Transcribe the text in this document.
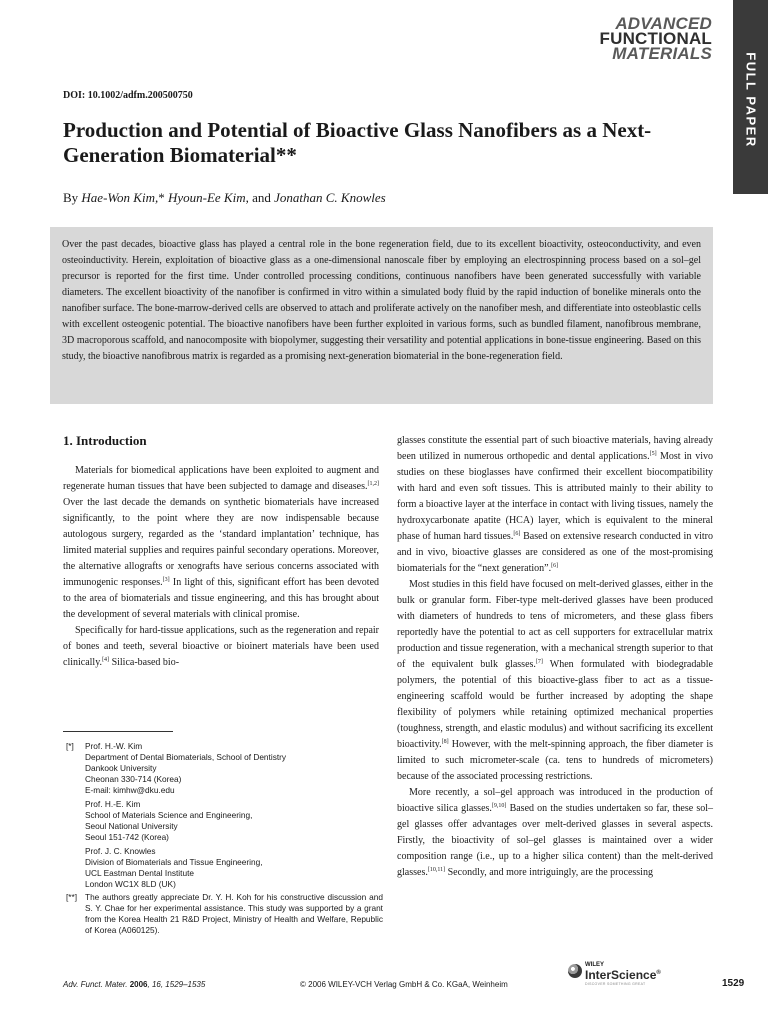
ADVANCED
FUNCTIONAL
MATERIALS FULL PAPER
DOI: 10.1002/adfm.200500750
Production and Potential of Bioactive Glass Nanofibers as a Next-Generation Biomaterial**
By Hae-Won Kim,* Hyoun-Ee Kim, and Jonathan C. Knowles

Over the past decades, bioactive glass has played a central role in the bone regeneration field, due to its excellent bioactivity, osteoconductivity, and even osteoinductivity. Herein, exploitation of bioactive glass as a one-dimensional nanoscale fiber by employing an electrospinning process based on a sol–gel precursor is reported for the first time. Under controlled processing conditions, continuous nanofibers have been generated successfully with variable diameters. The excellent bioactivity of the nanofiber is confirmed in vitro within a simulated body fluid by the rapid induction of bonelike minerals onto the nanofiber surface. The bone-marrow-derived cells are observed to attach and proliferate actively on the nanofiber mesh, and differentiate into osteoblastic cells with excellent osteogenic potential. The bioactive nanofibers have been further exploited in various forms, such as bundled filament, nanofibrous membrane, 3D macroporous scaffold, and nanocomposite with biopolymer, suggesting their versatility and potential applications in bone-tissue engineering. Based on this study, the bioactive nanofibrous matrix is regarded as a promising next-generation biomaterial in the bone-regeneration field.

1. Introduction

Materials for biomedical applications have been exploited to augment and regenerate human tissues that have been subjected to damage and diseases.[1,2] Over the last decade the demands on synthetic biomaterials have increased significantly, to the point where they are now indispensable because autologous surgery, regarded as the ‘standard implantation’ technique, has limited material supplies and requires painful secondary operations. Moreover, the alternative allografts or xenografts have serious concerns associated with immunogenic responses.[3] In light of this, significant effort has been devoted to the area of biomaterials and tissue engineering, and this has brought about the development of several materials with clinical promise.

Specifically for hard-tissue applications, such as the regeneration and repair of bones and teeth, several bioactive or bioinert materials have been used clinically.[4] Silica-based bio-

glasses constitute the essential part of such bioactive materials, having already been utilized in numerous orthopedic and dental applications.[5] Most in vivo studies on these bioglasses have confirmed their excellent biocompatibility with hard and even soft tissues. This is attributed mainly to their ability to form a bioactive layer at the interface in contact with living tissues, namely the hydroxycarbonate apatite (HCA) layer, which is equivalent to the mineral phase of human hard tissues.[6] Based on extensive research conducted in vitro and in vivo, bioactive glasses are considered as one of the most-promising biomaterials for the “next generation”.[6]

Most studies in this field have focused on melt-derived glasses, either in the bulk or granular form. Fiber-type melt-derived glasses have been produced with diameters of hundreds to tens of micrometers, and these glass fibers reportedly have the potential to act as cell supporters for extracellular matrix production and tissue regeneration, with a mechanical strength superior to that of the equivalent bulk glasses.[7] When formulated with biodegradable polymers, the potential of this bioactive-glass fiber to act as a tissue-engineering scaffold would be further increased by adopting the shape flexibility of polymers while retaining optimized mechanical properties (toughness, strength, and elastic modulus) and without sacrificing its excellent bioactivity.[8] However, with the melt-spinning approach, the fiber diameter is limited to such micrometer-scale (ca. tens to hundreds of micrometers) because of the associated processing restrictions.

More recently, a sol–gel approach was introduced in the production of bioactive silica glasses.[9,10] Based on the studies undertaken so far, these sol–gel glasses offer advantages over melt-derived glasses in several aspects. Firstly, the bioactivity of sol–gel glasses is maintained over a wider composition range (i.e., up to a higher silica content) than the melt-derived glasses.[10,11] Secondly, and more intriguingly, are the processing

[*]	Prof. H.-W. Kim
Department of Dental Biomaterials, School of Dentistry
Dankook University
Cheonan 330-714 (Korea)
E-mail: kimhw@dku.edu
Prof. H.-E. Kim
School of Materials Science and Engineering,
Seoul National University
Seoul 151-742 (Korea)
Prof. J. C. Knowles
Division of Biomaterials and Tissue Engineering,
UCL Eastman Dental Institute
London WC1X 8LD (UK)
[**] The authors greatly appreciate Dr. Y. H. Koh for his constructive discussion and S. Y. Chae for her experimental assistance. This study was supported by a grant from the Korea Health 21 R&D Project, Ministry of Health and Welfare, Republic of Korea (A060125).
Adv. Funct. Mater. 2006, 16, 1529–1535	© 2006 WILEY-VCH Verlag GmbH & Co. KGaA, Weinheim
WILEY
InterScience®
DISCOVER SOMETHING GREAT	1529
